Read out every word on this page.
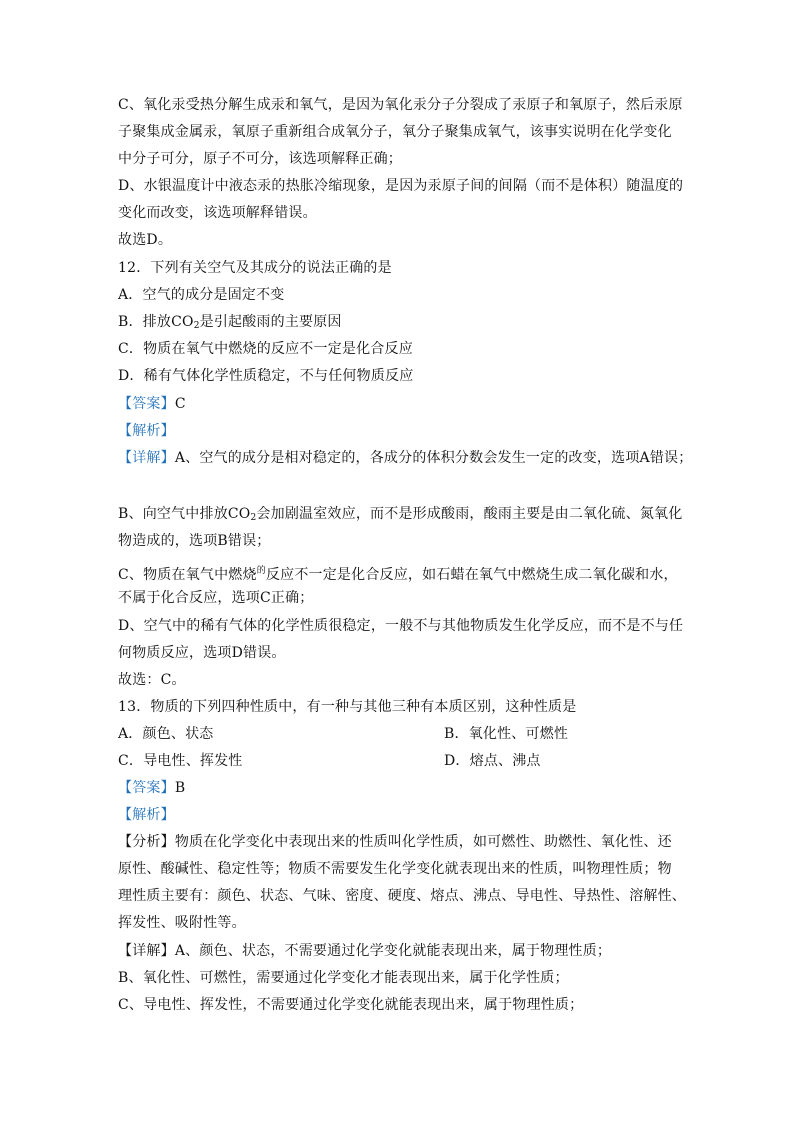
C、氧化汞受热分解生成汞和氧气，是因为氧化汞分子分裂成了汞原子和氧原子，然后汞原
子聚集成金属汞，氧原子重新组合成氧分子，氧分子聚集成氧气，该事实说明在化学变化
中分子可分，原子不可分，该选项解释正确；
D、水银温度计中液态汞的热胀冷缩现象，是因为汞原子间的间隔（而不是体积）随温度的
变化而改变，该选项解释错误。
故选D。
12．下列有关空气及其成分的说法正确的是
A．空气的成分是固定不变
B．排放$CO_2$是引起酸雨的主要原因
C．物质在氧气中燃烧的反应不一定是化合反应
D．稀有气体化学性质稳定，不与任何物质反应
【答案】C
【解析】
【详解】A、空气的成分是相对稳定的，各成分的体积分数会发生一定的改变，选项A错误；
B、向空气中排放$CO_2$会加剧温室效应，而不是形成酸雨，酸雨主要是由二氧化硫、氮氧化
物造成的，选项B错误；
C、物质在氧气中燃烧$^的$反应不一定是化合反应，如石蜡在氧气中燃烧生成二氧化碳和水，
不属于化合反应，选项C正确；
D、空气中的稀有气体的化学性质很稳定，一般不与其他物质发生化学反应，而不是不与任
何物质反应，选项D错误。
故选：C。
13．物质的下列四种性质中，有一种与其他三种有本质区别，这种性质是
A．颜色、状态	B．氧化性、可燃性
C．导电性、挥发性	D．熔点、沸点
【答案】B
【解析】
【分析】物质在化学变化中表现出来的性质叫化学性质，如可燃性、助燃性、氧化性、还
原性、酸碱性、稳定性等；物质不需要发生化学变化就表现出来的性质，叫物理性质；物
理性质主要有：颜色、状态、气味、密度、硬度、熔点、沸点、导电性、导热性、溶解性、
挥发性、吸附性等。
【详解】A、颜色、状态，不需要通过化学变化就能表现出来，属于物理性质；
B、氧化性、可燃性，需要通过化学变化才能表现出来，属于化学性质；
C、导电性、挥发性，不需要通过化学变化就能表现出来，属于物理性质；
